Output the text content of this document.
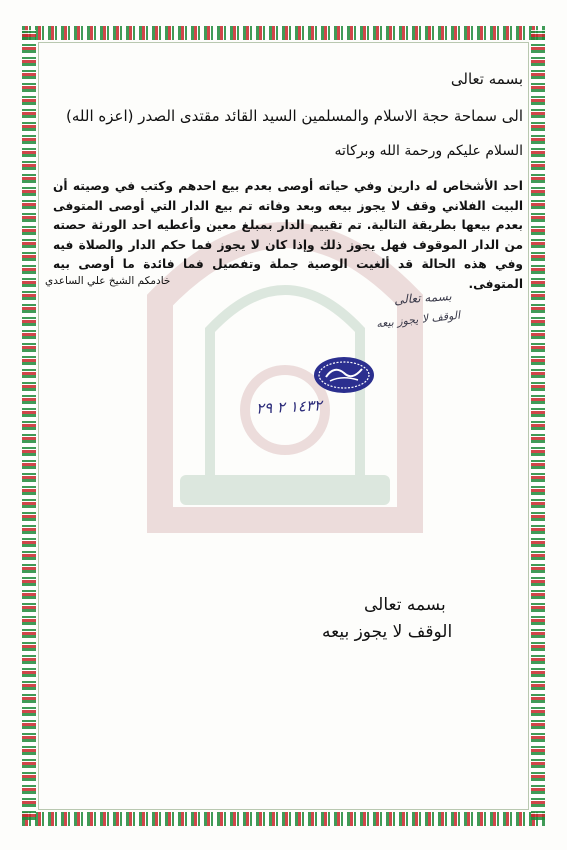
بسمه تعالى
الى سماحة حجة الاسلام والمسلمين السيد القائد مقتدى الصدر (اعزه الله)
السلام عليكم ورحمة الله وبركاته
احد الأشخاص له دارين وفي حياته أوصى بعدم بيع احدهم وكتب في وصيته أن البيت الفلاني وقف لا يجوز بيعه وبعد وفاته تم بيع الدار التي أوصى المتوفى بعدم بيعها بطريقة التالية. تم تقييم الدار بمبلغ معين وأعطيه احد الورثة حصته من الدار الموقوف فهل يجوز ذلك وإذا كان لا يجوز فما حكم الدار والصلاة فيه وفي هذه الحالة قد ألغيت الوصية جملة وتفصيل فما فائدة ما أوصى بيه المتوفى.
خادمكم الشيخ علي الساعدي
بسمه تعالى
الوقف لا يجوز بيعه
١٤٣٢ ٢ ٢٩
بسمه تعالى
الوقف لا يجوز بيعه
